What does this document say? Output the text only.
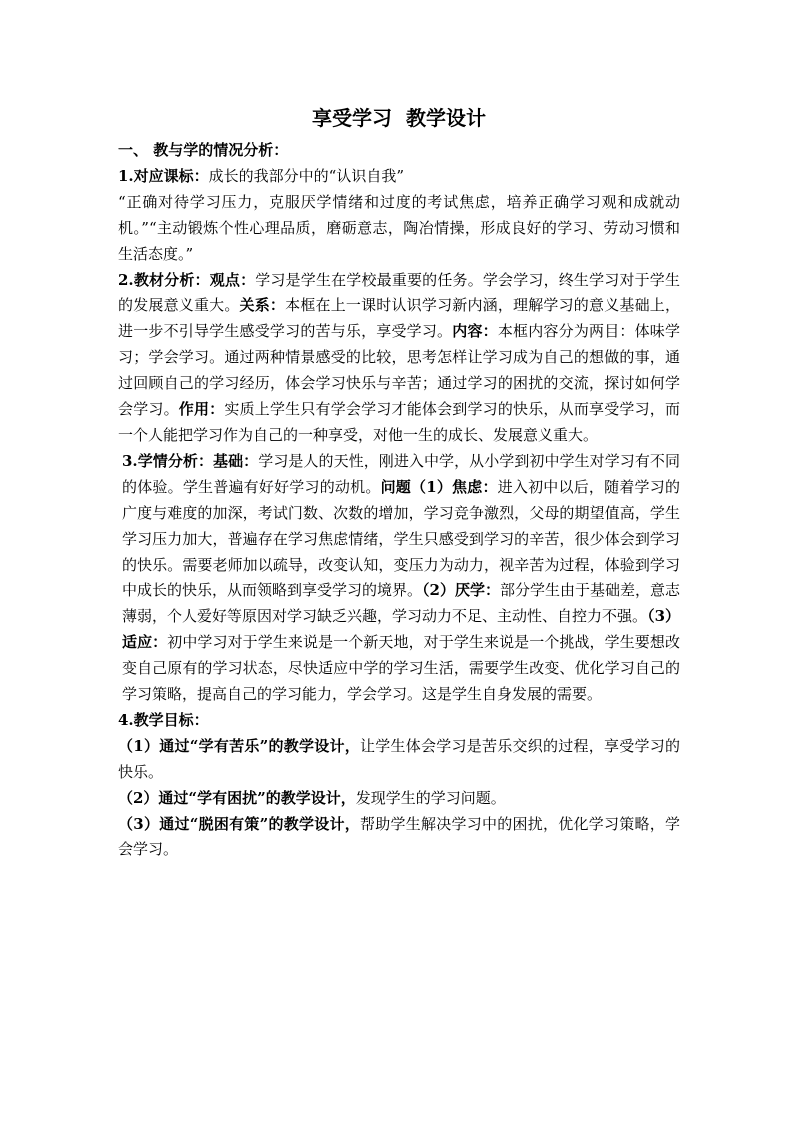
享受学习  教学设计

一、 教与学的情况分析：

1.对应课标：成长的我部分中的“认识自我”

“正确对待学习压力，克服厌学情绪和过度的考试焦虑，培养正确学习观和成就动机。”“主动锻炼个性心理品质，磨砺意志，陶冶情操，形成良好的学习、劳动习惯和生活态度。”

2.教材分析：观点：学习是学生在学校最重要的任务。学会学习，终生学习对于学生的发展意义重大。关系：本框在上一课时认识学习新内涵，理解学习的意义基础上，进一步不引导学生感受学习的苦与乐，享受学习。内容：本框内容分为两目：体味学习；学会学习。通过两种情景感受的比较，思考怎样让学习成为自己的想做的事，通过回顾自己的学习经历，体会学习快乐与辛苦；通过学习的困扰的交流，探讨如何学会学习。作用：实质上学生只有学会学习才能体会到学习的快乐，从而享受学习，而一个人能把学习作为自己的一种享受，对他一生的成长、发展意义重大。

3.学情分析：基础：学习是人的天性，刚进入中学，从小学到初中学生对学习有不同的体验。学生普遍有好好学习的动机。问题（1）焦虑：进入初中以后，随着学习的广度与难度的加深，考试门数、次数的增加，学习竞争激烈，父母的期望值高，学生学习压力加大，普遍存在学习焦虑情绪，学生只感受到学习的辛苦，很少体会到学习的快乐。需要老师加以疏导，改变认知，变压力为动力，视辛苦为过程，体验到学习中成长的快乐，从而领略到享受学习的境界。（2）厌学：部分学生由于基础差，意志薄弱，个人爱好等原因对学习缺乏兴趣，学习动力不足、主动性、自控力不强。（3）适应：初中学习对于学生来说是一个新天地，对于学生来说是一个挑战，学生要想改变自己原有的学习状态，尽快适应中学的学习生活，需要学生改变、优化学习自己的学习策略，提高自己的学习能力，学会学习。这是学生自身发展的需要。

4.教学目标：

（1）通过“学有苦乐”的教学设计，让学生体会学习是苦乐交织的过程，享受学习的快乐。

（2）通过“学有困扰”的教学设计，发现学生的学习问题。

（3）通过“脱困有策”的教学设计，帮助学生解决学习中的困扰，优化学习策略，学会学习。
